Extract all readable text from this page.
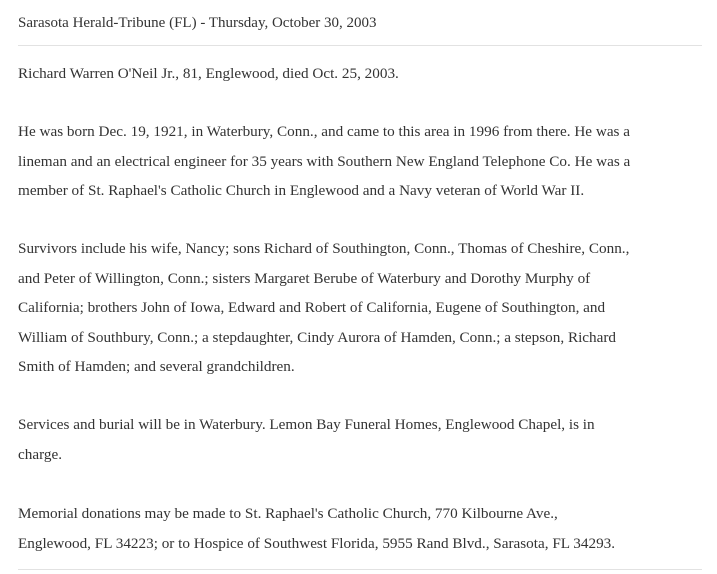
Sarasota Herald-Tribune (FL) - Thursday, October 30, 2003
Richard Warren O'Neil Jr., 81, Englewood, died Oct. 25, 2003.
He was born Dec. 19, 1921, in Waterbury, Conn., and came to this area in 1996 from there. He was a
lineman and an electrical engineer for 35 years with Southern New England Telephone Co. He was a
member of St. Raphael's Catholic Church in Englewood and a Navy veteran of World War II.
Survivors include his wife, Nancy; sons Richard of Southington, Conn., Thomas of Cheshire, Conn.,
and Peter of Willington, Conn.; sisters Margaret Berube of Waterbury and Dorothy Murphy of
California; brothers John of Iowa, Edward and Robert of California, Eugene of Southington, and
William of Southbury, Conn.; a stepdaughter, Cindy Aurora of Hamden, Conn.; a stepson, Richard
Smith of Hamden; and several grandchildren.
Services and burial will be in Waterbury. Lemon Bay Funeral Homes, Englewood Chapel, is in
charge.
Memorial donations may be made to St. Raphael's Catholic Church, 770 Kilbourne Ave.,
Englewood, FL 34223; or to Hospice of Southwest Florida, 5955 Rand Blvd., Sarasota, FL 34293.
